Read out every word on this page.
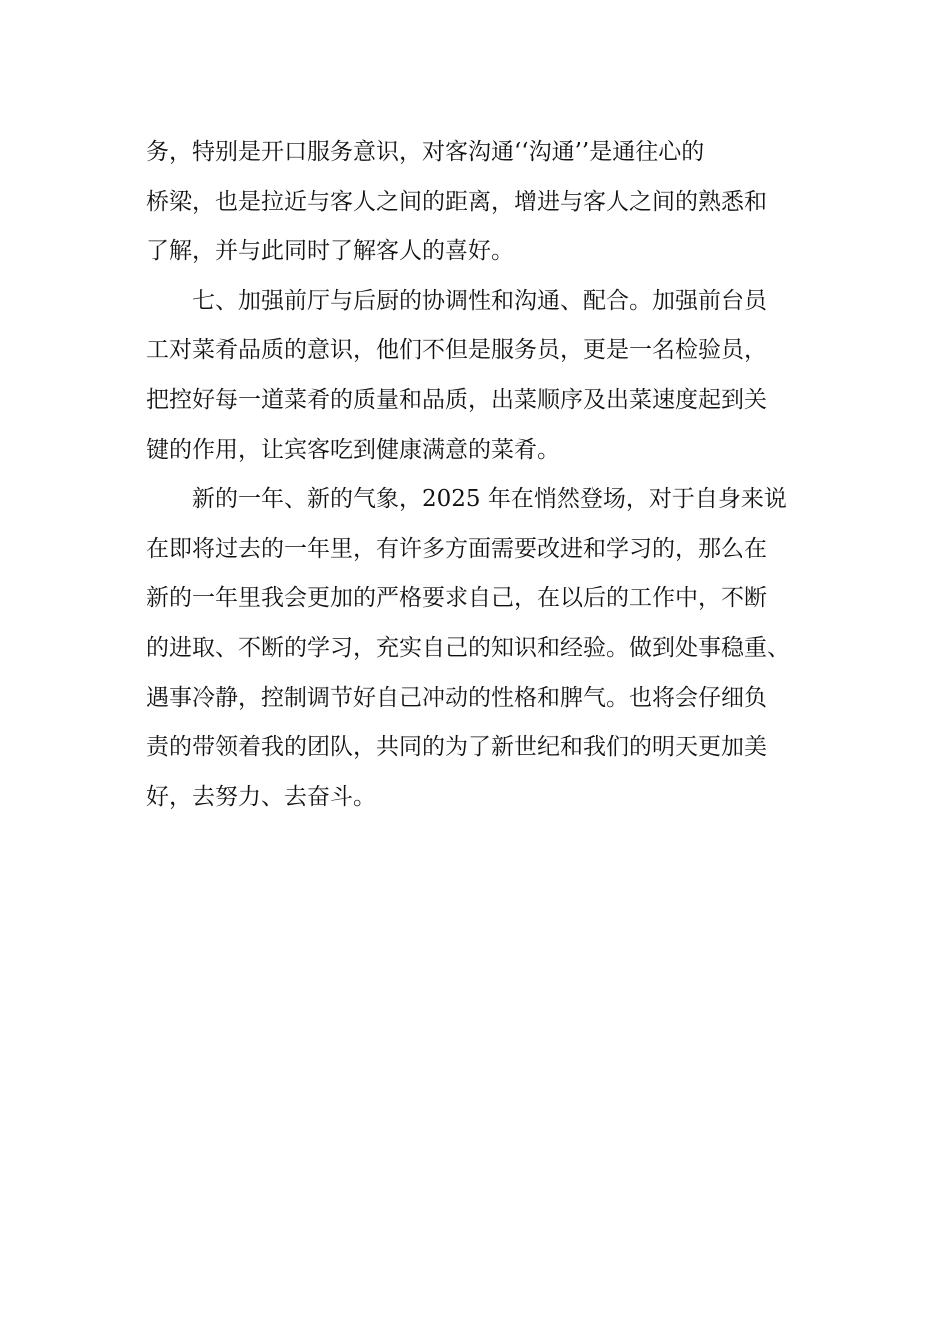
务，特别是开口服务意识，对客沟通‘‘沟通’’是通往心的
桥梁，也是拉近与客人之间的距离，增进与客人之间的熟悉和
了解，并与此同时了解客人的喜好。

　　七、加强前厅与后厨的协调性和沟通、配合。加强前台员
工对菜肴品质的意识，他们不但是服务员，更是一名检验员，
把控好每一道菜肴的质量和品质，出菜顺序及出菜速度起到关
键的作用，让宾客吃到健康满意的菜肴。

　　新的一年、新的气象，2025 年在悄然登场，对于自身来说
在即将过去的一年里，有许多方面需要改进和学习的，那么在
新的一年里我会更加的严格要求自己，在以后的工作中，不断
的进取、不断的学习，充实自己的知识和经验。做到处事稳重、
遇事冷静，控制调节好自己冲动的性格和脾气。也将会仔细负
责的带领着我的团队，共同的为了新世纪和我们的明天更加美
好，去努力、去奋斗。
